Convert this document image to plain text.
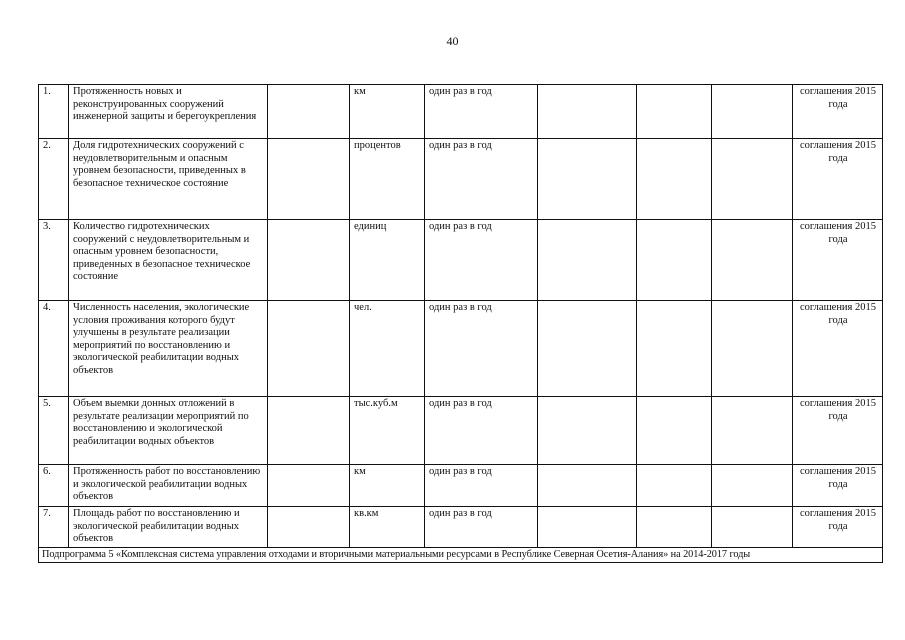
40
1.	Протяженность новых и реконструированных сооружений инженерной защиты и берегоукрепления		км	один раз в год				соглашения 2015 года
2.	Доля гидротехнических сооружений с неудовлетворительным и опасным уровнем безопасности, приведенных в безопасное техническое состояние		процентов	один раз в год				соглашения 2015 года
3.	Количество гидротехнических сооружений с неудовлетворительным и опасным уровнем безопасности, приведенных в безопасное техническое состояние		единиц	один раз в год				соглашения 2015 года
4.	Численность населения, экологические условия проживания которого будут улучшены в результате реализации мероприятий по восстановлению и экологической реабилитации водных объектов		чел.	один раз в год				соглашения 2015 года
5.	Объем выемки донных отложений в результате реализации мероприятий по восстановлению и экологической реабилитации водных объектов		тыс.куб.м	один раз в год				соглашения 2015 года
6.	Протяженность работ по восстановлению и экологической реабилитации водных объектов		км	один раз в год				соглашения 2015 года
7.	Площадь работ по восстановлению и экологической реабилитации водных объектов		кв.км	один раз в год				соглашения 2015 года
Подпрограмма 5 «Комплексная система управления отходами и вторичными материальными ресурсами в Республике Северная Осетия-Алания» на 2014-2017 годы								
